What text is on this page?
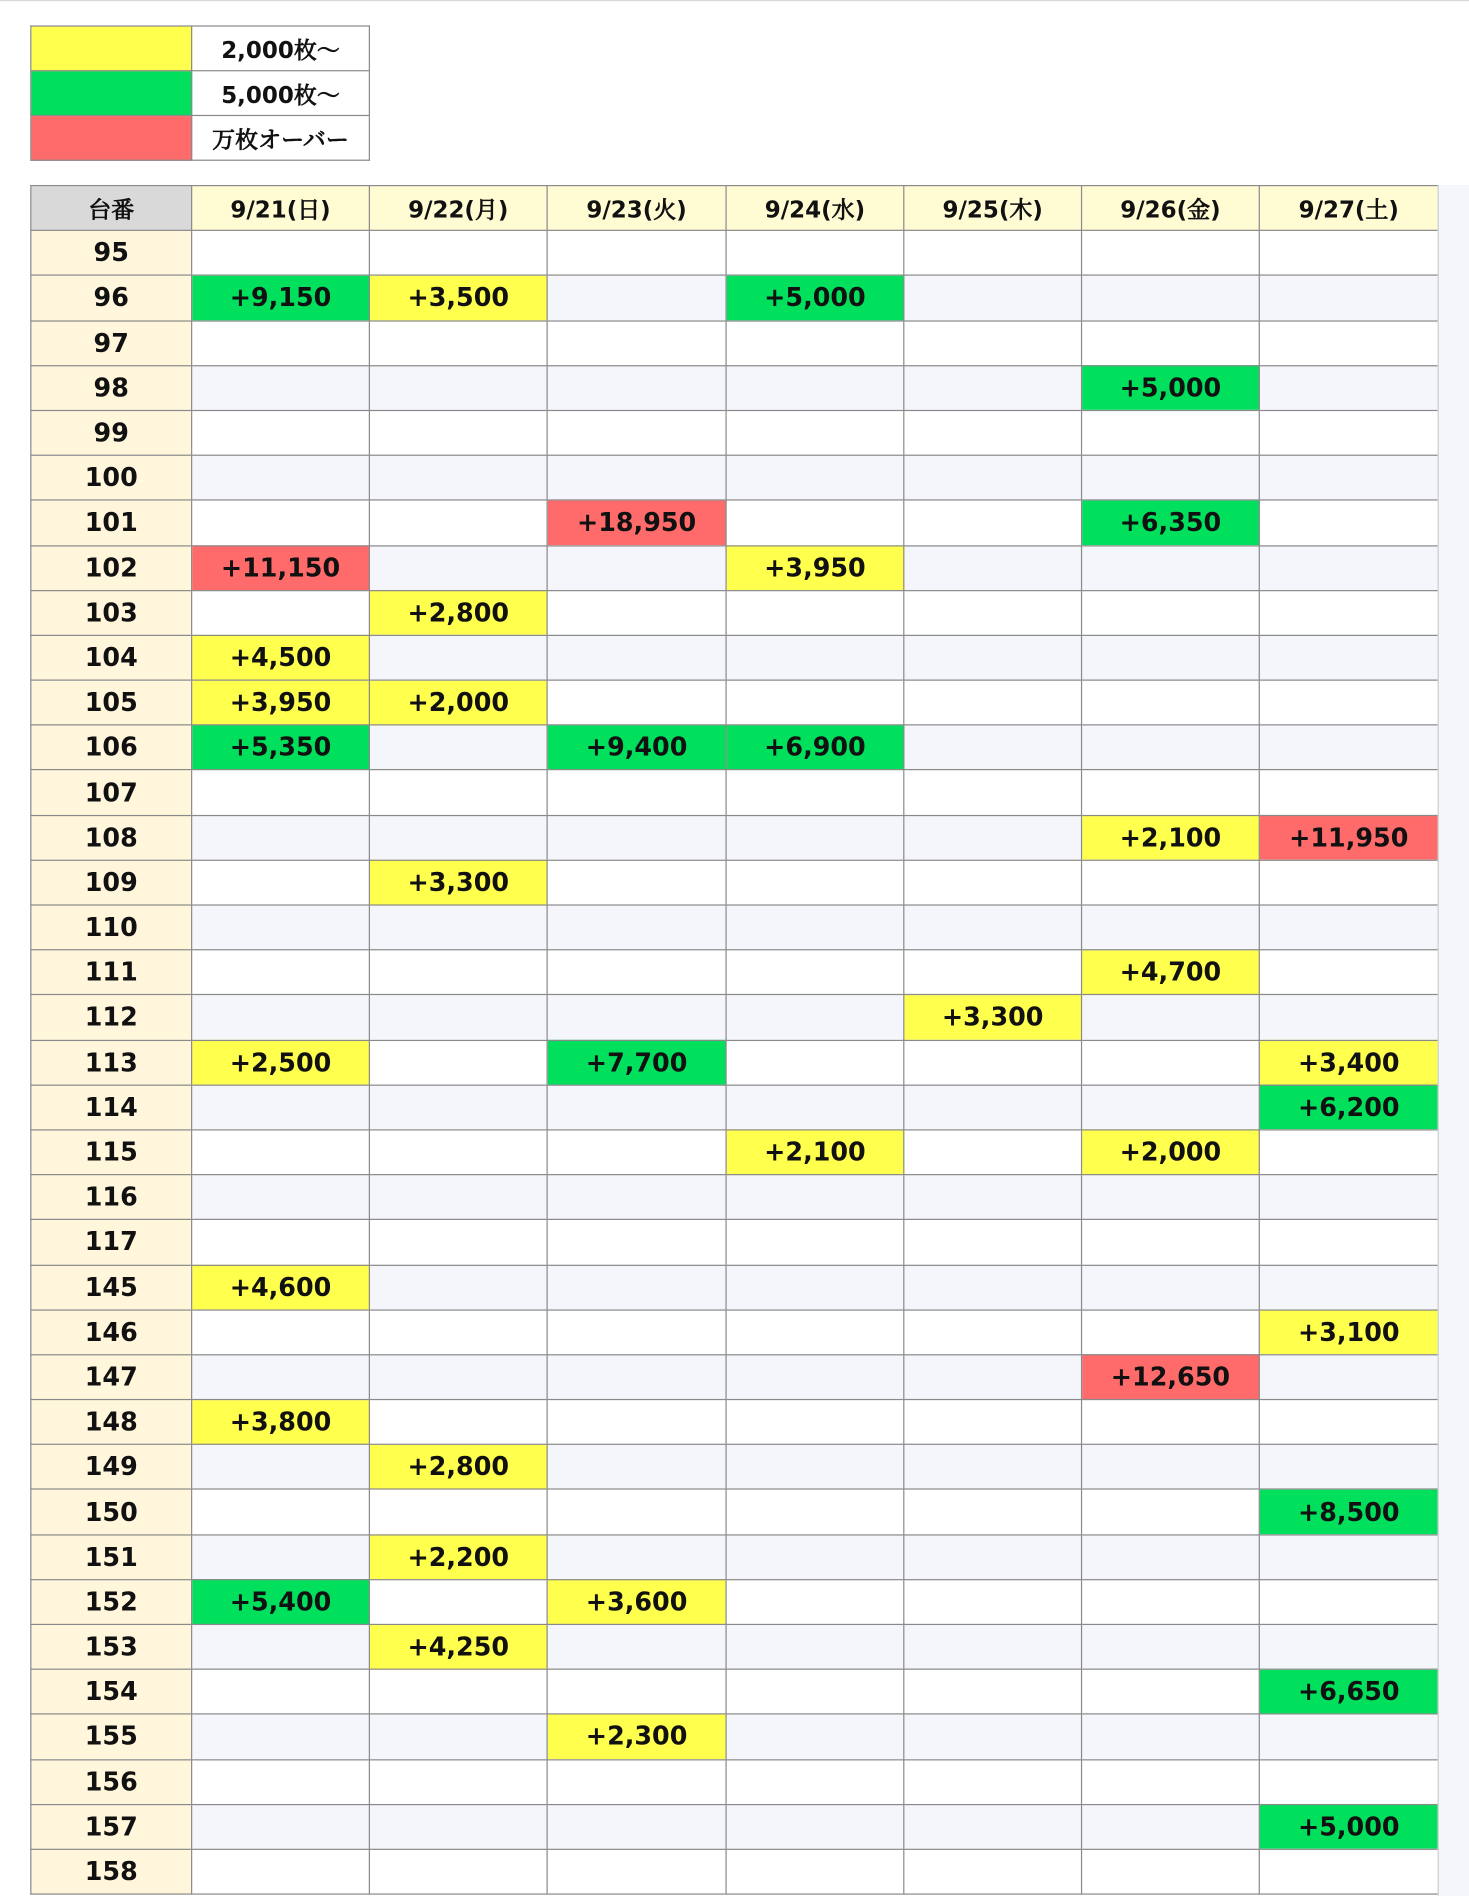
	2,000枚～
	5,000枚～
	万枚オーバー
台番	9/21(日)	9/22(月)	9/23(火)	9/24(水)	9/25(木)	9/26(金)	9/27(土)
95							
96	+9,150	+3,500		+5,000			
97							
98						+5,000	
99							
100							
101			+18,950			+6,350	
102	+11,150			+3,950			
103		+2,800					
104	+4,500						
105	+3,950	+2,000					
106	+5,350		+9,400	+6,900			
107							
108						+2,100	+11,950
109		+3,300					
110							
111						+4,700	
112					+3,300		
113	+2,500		+7,700				+3,400
114							+6,200
115				+2,100		+2,000	
116							
117							
145	+4,600						
146							+3,100
147						+12,650	
148	+3,800						
149		+2,800					
150							+8,500
151		+2,200					
152	+5,400		+3,600				
153		+4,250					
154							+6,650
155			+2,300				
156							
157							+5,000
158							
